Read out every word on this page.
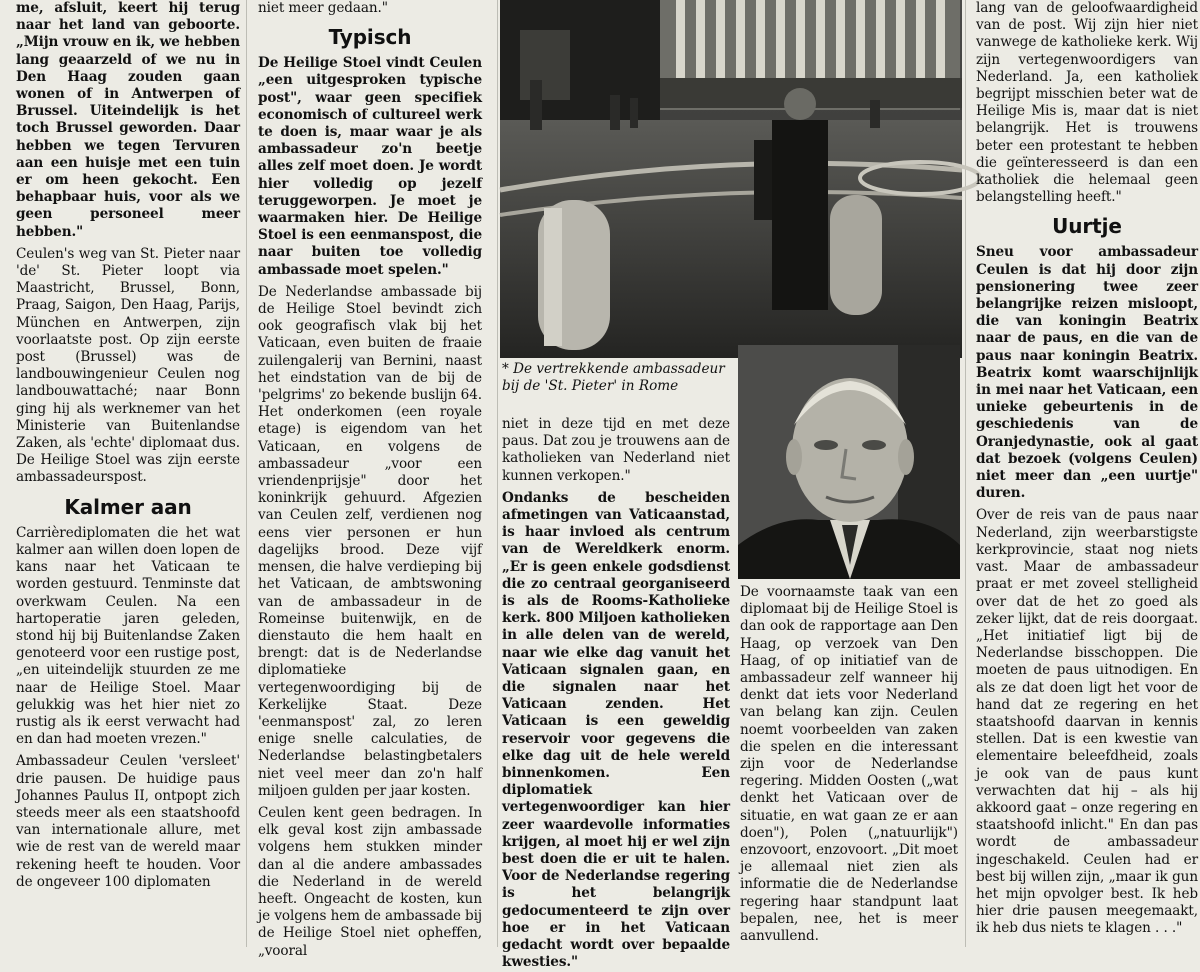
me, afsluit, keert hij terug naar het land van geboorte. „Mijn vrouw en ik, we hebben lang geaarzeld of we nu in Den Haag zouden gaan wonen of in Antwerpen of Brussel. Uiteindelijk is het toch Brussel geworden. Daar hebben we tegen Tervuren aan een huisje met een tuin er om heen gekocht. Een behapbaar huis, voor als we geen personeel meer hebben."

Ceulen's weg van St. Pieter naar 'de' St. Pieter loopt via Maastricht, Brussel, Bonn, Praag, Saigon, Den Haag, Parijs, München en Antwerpen, zijn voorlaatste post. Op zijn eerste post (Brussel) was de landbouwingenieur Ceulen nog landbouwattaché; naar Bonn ging hij als werknemer van het Ministerie van Buitenlandse Zaken, als 'echte' diplomaat dus. De Heilige Stoel was zijn eerste ambassadeurspost.

Kalmer aan

Carrièrediplomaten die het wat kalmer aan willen doen lopen de kans naar het Vaticaan te worden gestuurd. Tenminste dat overkwam Ceulen. Na een hartoperatie jaren geleden, stond hij bij Buitenlandse Zaken genoteerd voor een rustige post, „en uiteindelijk stuurden ze me naar de Heilige Stoel. Maar gelukkig was het hier niet zo rustig als ik eerst verwacht had en dan had moeten vrezen."

Ambassadeur Ceulen 'versleet' drie pausen. De huidige paus Johannes Paulus II, ontpopt zich steeds meer als een staatshoofd van internationale allure, met wie de rest van de wereld maar rekening heeft te houden. Voor de ongeveer 100 diplomaten

niet meer gedaan."

Typisch

De Heilige Stoel vindt Ceulen „een uitgesproken typische post", waar geen specifiek economisch of cultureel werk te doen is, maar waar je als ambassadeur zo'n beetje alles zelf moet doen. Je wordt hier volledig op jezelf teruggeworpen. Je moet je waarmaken hier. De Heilige Stoel is een eenmanspost, die naar buiten toe volledig ambassade moet spelen."

De Nederlandse ambassade bij de Heilige Stoel bevindt zich ook geografisch vlak bij het Vaticaan, even buiten de fraaie zuilengalerij van Bernini, naast het eindstation van de bij de 'pelgrims' zo bekende buslijn 64. Het onderkomen (een royale etage) is eigendom van het Vaticaan, en volgens de ambassadeur „voor een vriendenprijsje" door het koninkrijk gehuurd. Afgezien van Ceulen zelf, verdienen nog eens vier personen er hun dagelijks brood. Deze vijf mensen, die halve verdieping bij het Vaticaan, de ambtswoning van de ambassadeur in de Romeinse buitenwijk, en de dienstauto die hem haalt en brengt: dat is de Nederlandse diplomatieke vertegenwoordiging bij de Kerkelijke Staat. Deze 'eenmanspost' zal, zo leren enige snelle calculaties, de Nederlandse belastingbetalers niet veel meer dan zo'n half miljoen gulden per jaar kosten.

Ceulen kent geen bedragen. In elk geval kost zijn ambassade volgens hem stukken minder dan al die andere ambassades die Nederland in de wereld heeft. Ongeacht de kosten, kun je volgens hem de ambassade bij de Heilige Stoel niet opheffen, „vooral

* De vertrekkende ambassadeur bij de 'St. Pieter' in Rome

niet in deze tijd en met deze paus. Dat zou je trouwens aan de katholieken van Nederland niet kunnen verkopen."

Ondanks de bescheiden afmetingen van Vaticaanstad, is haar invloed als centrum van de Wereldkerk enorm. „Er is geen enkele godsdienst die zo centraal georganiseerd is als de Rooms-Katholieke kerk. 800 Miljoen katholieken in alle delen van de wereld, naar wie elke dag vanuit het Vaticaan signalen gaan, en die signalen naar het Vaticaan zenden. Het Vaticaan is een geweldig reservoir voor gegevens die elke dag uit de hele wereld binnenkomen. Een diplomatiek vertegenwoordiger kan hier zeer waardevolle informaties krijgen, al moet hij er wel zijn best doen die er uit te halen. Voor de Nederlandse regering is het belangrijk gedocumenteerd te zijn over hoe er in het Vaticaan gedacht wordt over bepaalde kwesties."

De voornaamste taak van een diplomaat bij de Heilige Stoel is dan ook de rapportage aan Den Haag, op verzoek van Den Haag, of op initiatief van de ambassadeur zelf wanneer hij denkt dat iets voor Nederland van belang kan zijn. Ceulen noemt voorbeelden van zaken die spelen en die interessant zijn voor de Nederlandse regering. Midden Oosten („wat denkt het Vaticaan over de situatie, en wat gaan ze er aan doen"), Polen („natuurlijk") enzovoort, enzovoort. „Dit moet je allemaal niet zien als informatie die de Nederlandse regering haar standpunt laat bepalen, nee, het is meer aanvullend.

lang van de geloofwaardigheid van de post. Wij zijn hier niet vanwege de katholieke kerk. Wij zijn vertegenwoordigers van Nederland. Ja, een katholiek begrijpt misschien beter wat de Heilige Mis is, maar dat is niet belangrijk. Het is trouwens beter een protestant te hebben die geïnteresseerd is dan een katholiek die helemaal geen belangstelling heeft."

Uurtje

Sneu voor ambassadeur Ceulen is dat hij door zijn pensionering twee zeer belangrijke reizen misloopt, die van koningin Beatrix naar de paus, en die van de paus naar koningin Beatrix. Beatrix komt waarschijnlijk in mei naar het Vaticaan, een unieke gebeurtenis in de geschiedenis van de Oranjedynastie, ook al gaat dat bezoek (volgens Ceulen) niet meer dan „een uurtje" duren.

Over de reis van de paus naar Nederland, zijn weerbarstigste kerkprovincie, staat nog niets vast. Maar de ambassadeur praat er met zoveel stelligheid over dat de het zo goed als zeker lijkt, dat de reis doorgaat. „Het initiatief ligt bij de Nederlandse bisschoppen. Die moeten de paus uitnodigen. En als ze dat doen ligt het voor de hand dat ze regering en het staatshoofd daarvan in kennis stellen. Dat is een kwestie van elementaire beleefdheid, zoals je ook van de paus kunt verwachten dat hij – als hij akkoord gaat – onze regering en staatshoofd inlicht." En dan pas wordt de ambassadeur ingeschakeld. Ceulen had er best bij willen zijn, „maar ik gun het mijn opvolger best. Ik heb hier drie pausen meegemaakt, ik heb dus niets te klagen . . ."
